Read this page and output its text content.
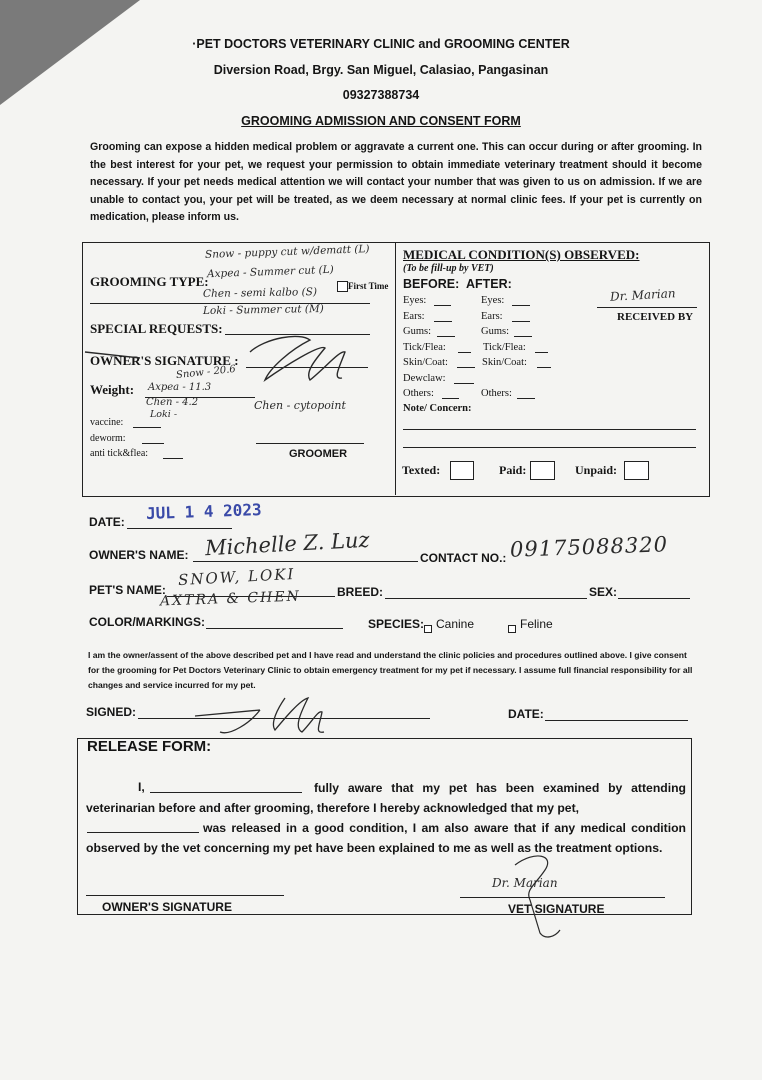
·PET DOCTORS VETERINARY CLINIC and GROOMING CENTER
Diversion Road, Brgy. San Miguel, Calasiao, Pangasinan
09327388734
GROOMING ADMISSION AND CONSENT FORM
Grooming can expose a hidden medical problem or aggravate a current one. This can occur during or after grooming. In the best interest for your pet, we request your permission to obtain immediate veterinary treatment should it become necessary. If your pet needs medical attention we will contact your number that was given to us on admission. If we are unable to contact you, your pet will be treated, as we deem necessary at normal clinic fees. If your pet is currently on medication, please inform us.
Snow - puppy cut w/dematt (L)
GROOMING TYPE:
Axpea - Summer cut (L)
First Time
Chen - semi kalbo (S)
Loki - Summer cut (M)
SPECIAL REQUESTS:
OWNER'S SIGNATURE :
Snow - 20.6
Weight: Axpea - 11.3
Chen - 4.2
Loki -
Chen - cytopoint
vaccine:
deworm:
anti tick&flea:	GROOMER
MEDICAL CONDITION(S) OBSERVED:
(To be fill-up by VET)
BEFORE: AFTER:
Eyes:	Eyes:
Ears:	Ears:
Gums:	Gums:
Tick/Flea:	Tick/Flea:
Skin/Coat:	Skin/Coat:
Dewclaw:
Others:	Others:
Note/ Concern:
Dr. Marian
RECEIVED BY
Texted:	Paid:	Unpaid:
DATE: JUL 1 4 2023
OWNER'S NAME: Michelle Z. Luz	CONTACT NO.: 09175088320
PET'S NAME:
SNOW, LOKI
AXTRA & CHEN	BREED:	SEX:
COLOR/MARKINGS:	SPECIES: Canine	Feline
I am the owner/assent of the above described pet and I have read and understand the clinic policies and procedures outlined above. I give consent for the grooming for Pet Doctors Veterinary Clinic to obtain emergency treatment for my pet if necessary. I assume full financial responsibility for all changes and service incurred for my pet.
SIGNED:	DATE:
RELEASE FORM:
I,	fully aware that my pet has been examined by attending veterinarian before and after grooming, therefore I hereby acknowledged that my pet,
was released in a good condition, I am also aware that if any medical condition observed by the vet concerning my pet have been explained to me as well as the treatment options.
OWNER'S SIGNATURE
Dr. Marian
VET SIGNATURE
